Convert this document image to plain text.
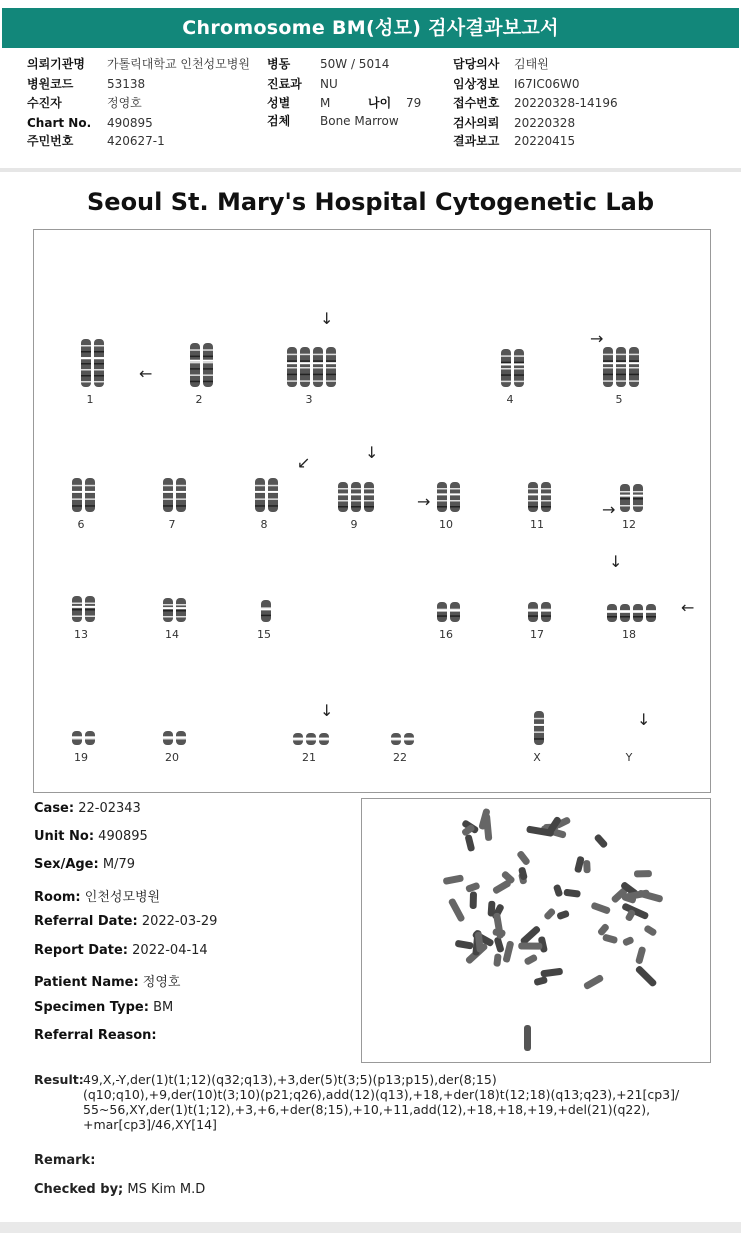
Chromosome BM(성모) 검사결과보고서
의뢰기관명 가톨릭대학교 인천성모병원
병원코드	53138
수진자	정영호
Chart No. 490895
주민번호	420627-1
병동 50W / 5014
진료과 NU
성별 M	나이 79
검체 Bone Marrow
담당의사 김태원
임상정보 I67IC06W0
접수번호 20220328-14196
검사의뢰 20220328
결과보고 20220415
Seoul St. Mary's Hospital Cytogenetic Lab
1	2	3	4	5
6	7	8	9	10	11	12
13	14	15	16	17	18
19	20	21	22	X	Y
←
↓
→
↙
↓
→	→
↓
←
↓	↓
Case: 22-02343
Unit No: 490895
Sex/Age: M/79
Room: 인천성모병원
Referral Date: 2022-03-29
Report Date: 2022-04-14
Patient Name: 정영호
Specimen Type: BM
Referral Reason:
Result: 49,X,-Y,der(1)t(1;12)(q32;q13),+3,der(5)t(3;5)(p13;p15),der(8;15)
(q10;q10),+9,der(10)t(3;10)(p21;q26),add(12)(q13),+18,+der(18)t(12;18)(q13;q23),+21[cp3]/
55~56,XY,der(1)t(1;12),+3,+6,+der(8;15),+10,+11,add(12),+18,+18,+19,+del(21)(q22),
+mar[cp3]/46,XY[14]
Remark:
Checked by; MS Kim M.D
